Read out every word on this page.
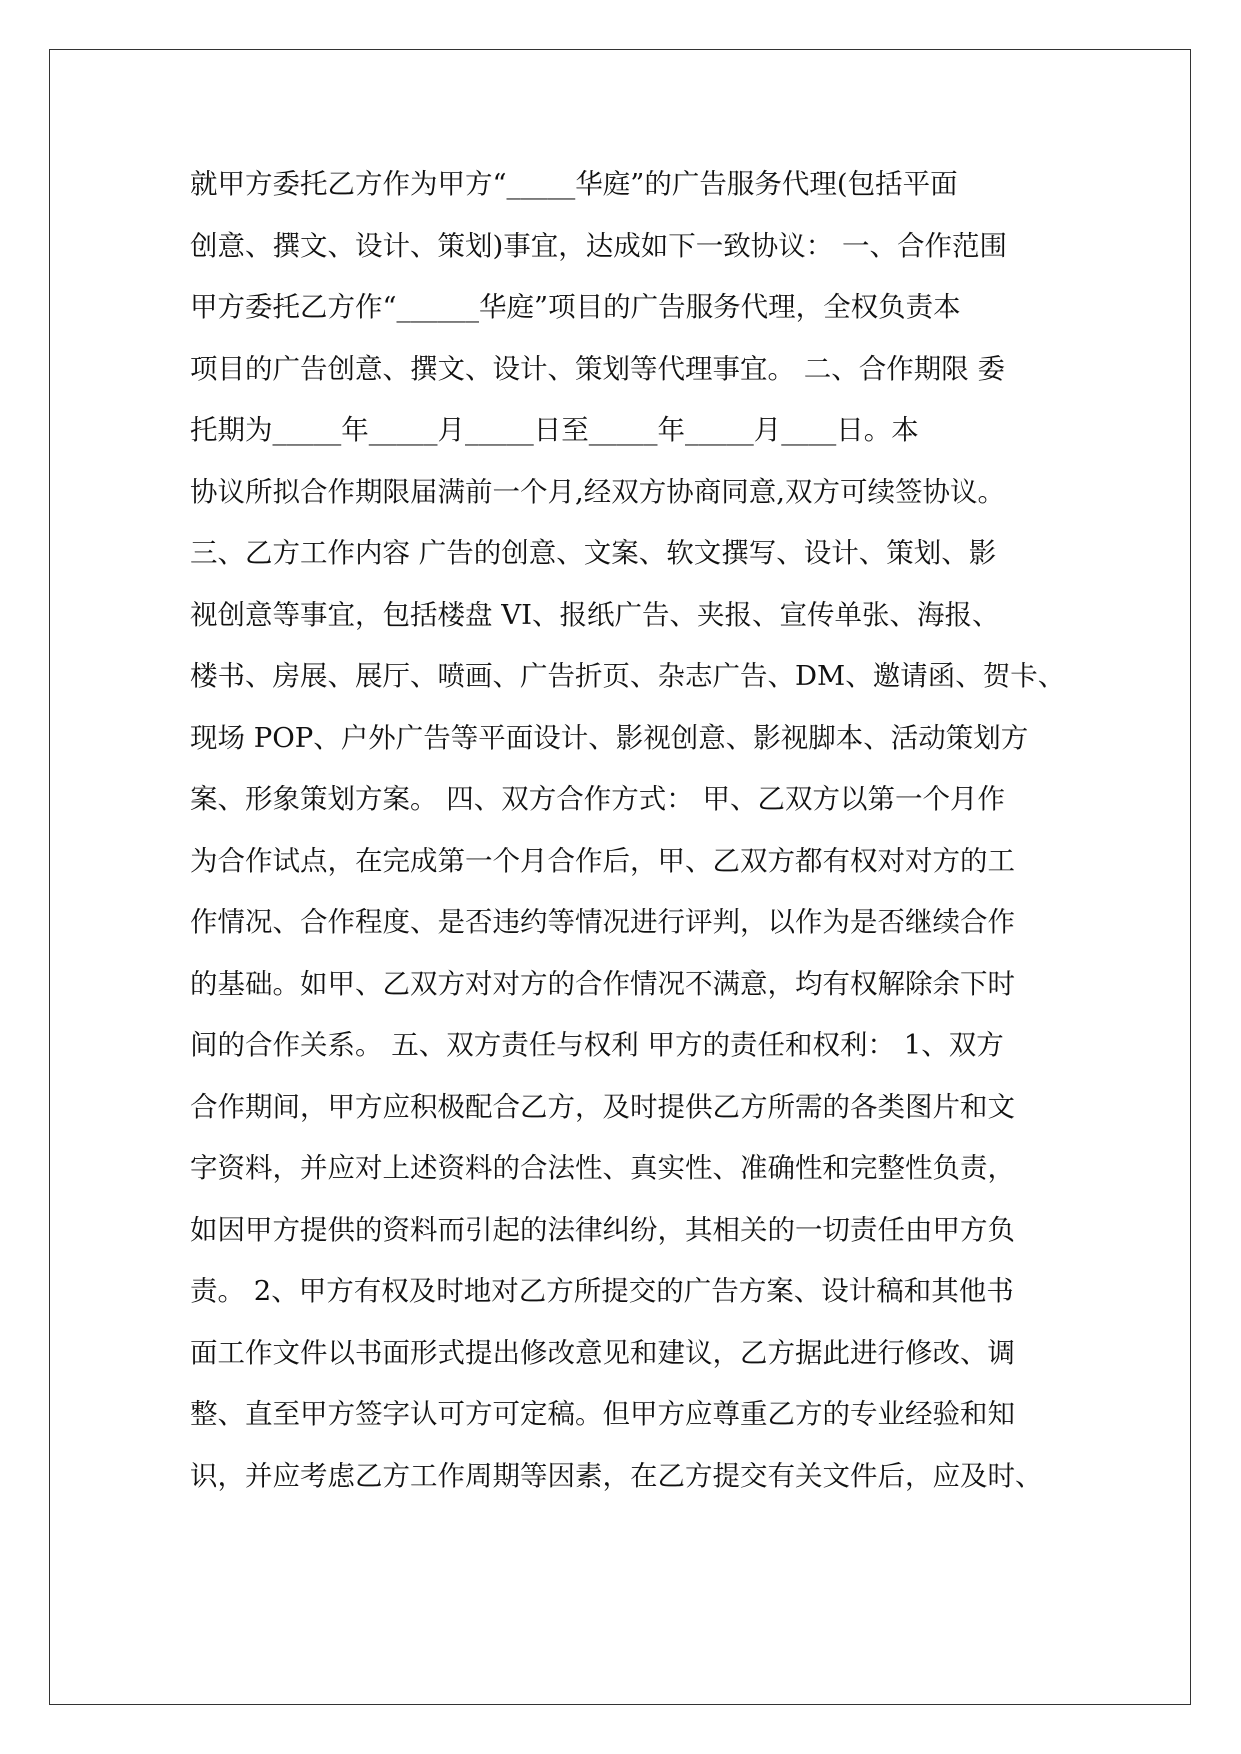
就甲方委托乙方作为甲方“_____华庭”的广告服务代理(包括平面
创意、撰文、设计、策划)事宜，达成如下一致协议： 一、合作范围
甲方委托乙方作“______华庭”项目的广告服务代理，全权负责本
项目的广告创意、撰文、设计、策划等代理事宜。 二、合作期限 委
托期为_____年_____月_____日至_____年_____月____日。本
协议所拟合作期限届满前一个月,经双方协商同意,双方可续签协议。
三、乙方工作内容 广告的创意、文案、软文撰写、设计、策划、影
视创意等事宜，包括楼盘 VI、报纸广告、夹报、宣传单张、海报、
楼书、房展、展厅、喷画、广告折页、杂志广告、DM、邀请函、贺卡、
现场 POP、户外广告等平面设计、影视创意、影视脚本、活动策划方
案、形象策划方案。 四、双方合作方式： 甲、乙双方以第一个月作
为合作试点，在完成第一个月合作后，甲、乙双方都有权对对方的工
作情况、合作程度、是否违约等情况进行评判，以作为是否继续合作
的基础。如甲、乙双方对对方的合作情况不满意，均有权解除余下时
间的合作关系。 五、双方责任与权利 甲方的责任和权利： 1、双方
合作期间，甲方应积极配合乙方，及时提供乙方所需的各类图片和文
字资料，并应对上述资料的合法性、真实性、准确性和完整性负责，
如因甲方提供的资料而引起的法律纠纷，其相关的一切责任由甲方负
责。 2、甲方有权及时地对乙方所提交的广告方案、设计稿和其他书
面工作文件以书面形式提出修改意见和建议，乙方据此进行修改、调
整、直至甲方签字认可方可定稿。但甲方应尊重乙方的专业经验和知
识，并应考虑乙方工作周期等因素，在乙方提交有关文件后，应及时、
